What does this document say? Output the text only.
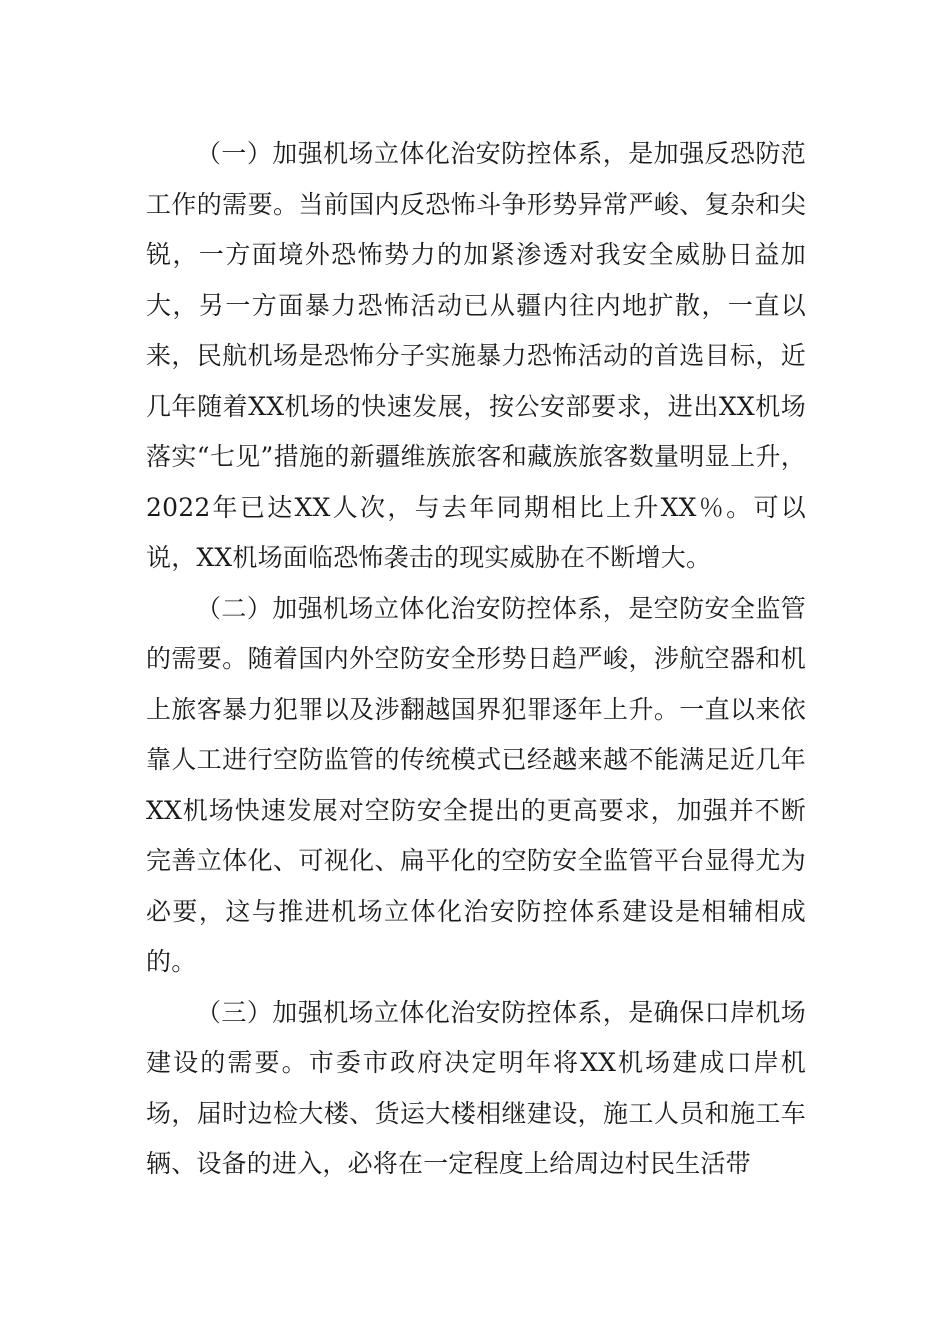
（一）加强机场立体化治安防控体系，是加强反恐防范工作的需要。当前国内反恐怖斗争形势异常严峻、复杂和尖锐，一方面境外恐怖势力的加紧渗透对我安全威胁日益加大，另一方面暴力恐怖活动已从疆内往内地扩散，一直以来，民航机场是恐怖分子实施暴力恐怖活动的首选目标，近几年随着XX机场的快速发展，按公安部要求，进出XX机场落实“七见”措施的新疆维族旅客和藏族旅客数量明显上升，2022年已达XX人次，与去年同期相比上升XX％。可以说，XX机场面临恐怖袭击的现实威胁在不断增大。

（二）加强机场立体化治安防控体系，是空防安全监管的需要。随着国内外空防安全形势日趋严峻，涉航空器和机上旅客暴力犯罪以及涉翻越国界犯罪逐年上升。一直以来依靠人工进行空防监管的传统模式已经越来越不能满足近几年XX机场快速发展对空防安全提出的更高要求，加强并不断完善立体化、可视化、扁平化的空防安全监管平台显得尤为必要，这与推进机场立体化治安防控体系建设是相辅相成的。

（三）加强机场立体化治安防控体系，是确保口岸机场建设的需要。市委市政府决定明年将XX机场建成口岸机场，届时边检大楼、货运大楼相继建设，施工人员和施工车辆、设备的进入，必将在一定程度上给周边村民生活带
